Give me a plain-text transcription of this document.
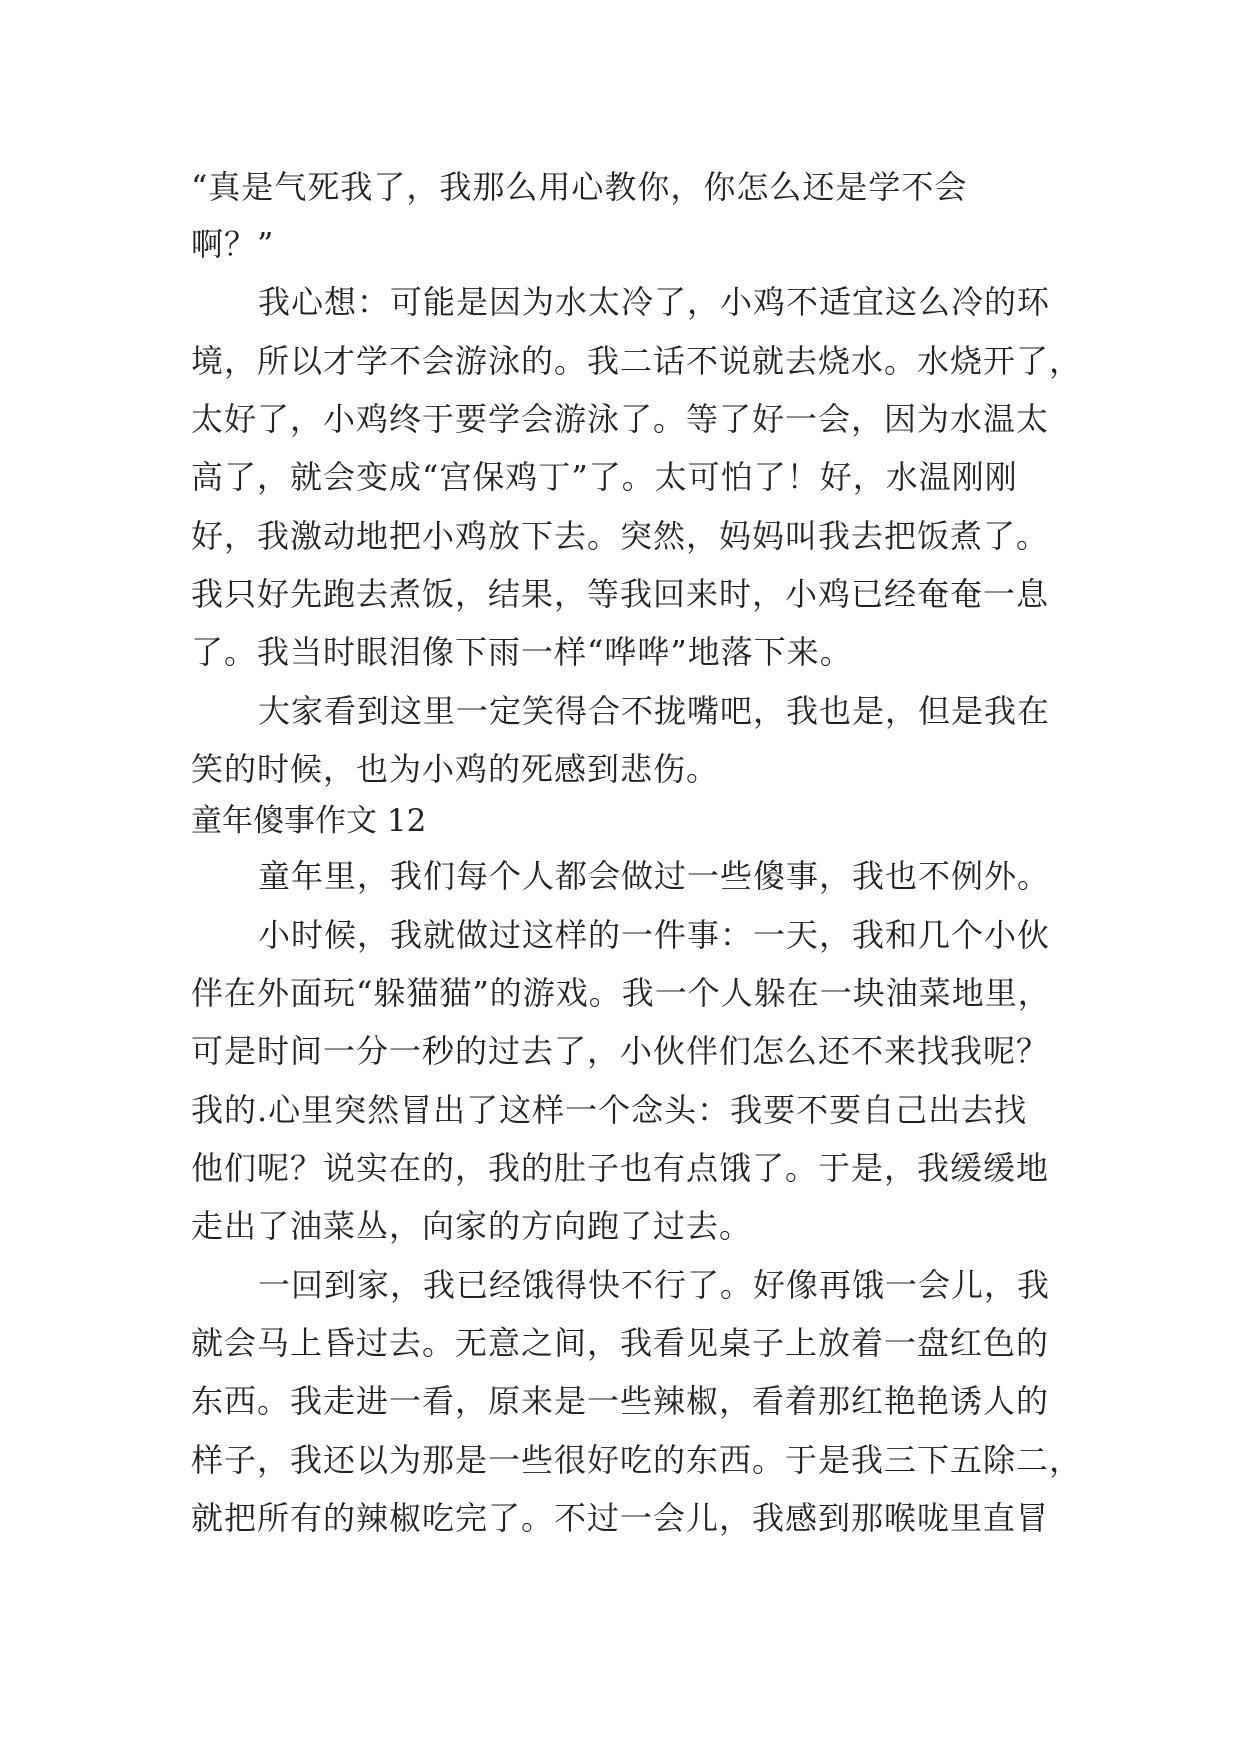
“真是气死我了，我那么用心教你，你怎么还是学不会
啊？”
我心想：可能是因为水太冷了，小鸡不适宜这么冷的环
境，所以才学不会游泳的。我二话不说就去烧水。水烧开了，
太好了，小鸡终于要学会游泳了。等了好一会，因为水温太
高了，就会变成“宫保鸡丁”了。太可怕了！好，水温刚刚
好，我激动地把小鸡放下去。突然，妈妈叫我去把饭煮了。
我只好先跑去煮饭，结果，等我回来时，小鸡已经奄奄一息
了。我当时眼泪像下雨一样“哗哗”地落下来。
大家看到这里一定笑得合不拢嘴吧，我也是，但是我在
笑的时候，也为小鸡的死感到悲伤。
童年傻事作文 12
童年里，我们每个人都会做过一些傻事，我也不例外。
小时候，我就做过这样的一件事：一天，我和几个小伙
伴在外面玩“躲猫猫”的游戏。我一个人躲在一块油菜地里，
可是时间一分一秒的过去了，小伙伴们怎么还不来找我呢？
我的.心里突然冒出了这样一个念头：我要不要自己出去找
他们呢？说实在的，我的肚子也有点饿了。于是，我缓缓地
走出了油菜丛，向家的方向跑了过去。
一回到家，我已经饿得快不行了。好像再饿一会儿，我
就会马上昏过去。无意之间，我看见桌子上放着一盘红色的
东西。我走进一看，原来是一些辣椒，看着那红艳艳诱人的
样子，我还以为那是一些很好吃的东西。于是我三下五除二，
就把所有的辣椒吃完了。不过一会儿，我感到那喉咙里直冒
